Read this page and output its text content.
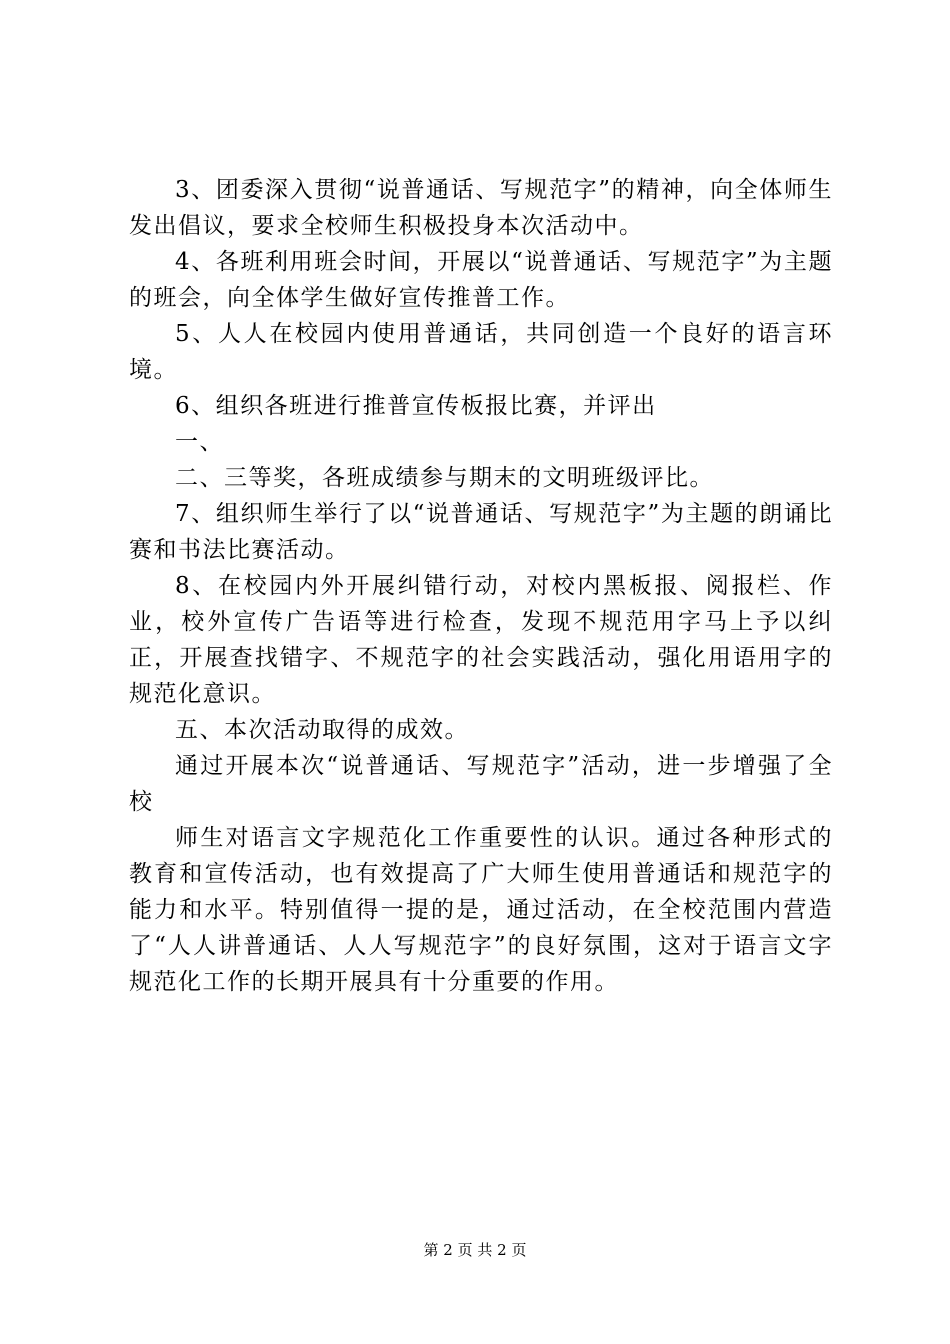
3、团委深入贯彻“说普通话、写规范字”的精神，向全体师生发出倡议，要求全校师生积极投身本次活动中。

4、各班利用班会时间，开展以“说普通话、写规范字”为主题的班会，向全体学生做好宣传推普工作。

5、人人在校园内使用普通话，共同创造一个良好的语言环境。

6、组织各班进行推普宣传板报比赛，并评出

一、

二、三等奖，各班成绩参与期末的文明班级评比。

7、组织师生举行了以“说普通话、写规范字”为主题的朗诵比赛和书法比赛活动。

8、在校园内外开展纠错行动，对校内黑板报、阅报栏、作业，校外宣传广告语等进行检查，发现不规范用字马上予以纠正，开展查找错字、不规范字的社会实践活动，强化用语用字的规范化意识。

五、本次活动取得的成效。

通过开展本次“说普通话、写规范字”活动，进一步增强了全校

师生对语言文字规范化工作重要性的认识。通过各种形式的教育和宣传活动，也有效提高了广大师生使用普通话和规范字的能力和水平。特别值得一提的是，通过活动，在全校范围内营造了“人人讲普通话、人人写规范字”的良好氛围，这对于语言文字规范化工作的长期开展具有十分重要的作用。

第 2 页 共 2 页
